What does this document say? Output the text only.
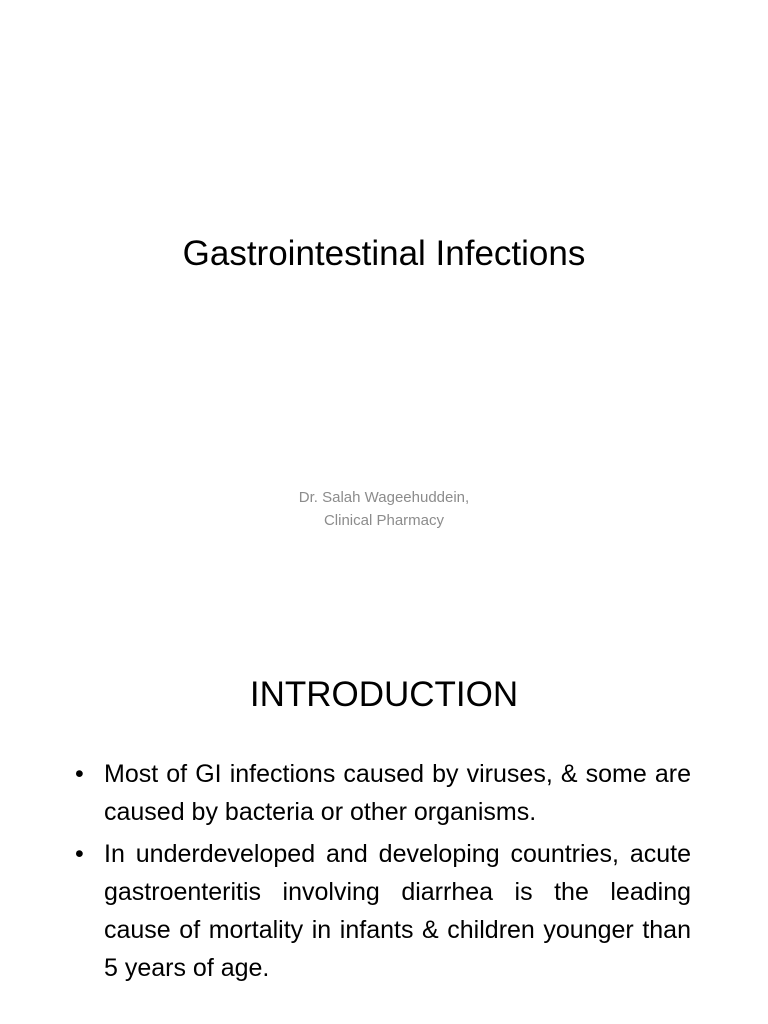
Gastrointestinal Infections
Dr. Salah Wageehuddein,
Clinical Pharmacy
INTRODUCTION
• Most of GI infections caused by viruses, & some are caused by bacteria or other organisms.
• In underdeveloped and developing countries, acute gastroenteritis involving diarrhea is the leading cause of mortality in infants & children younger than 5 years of age.
